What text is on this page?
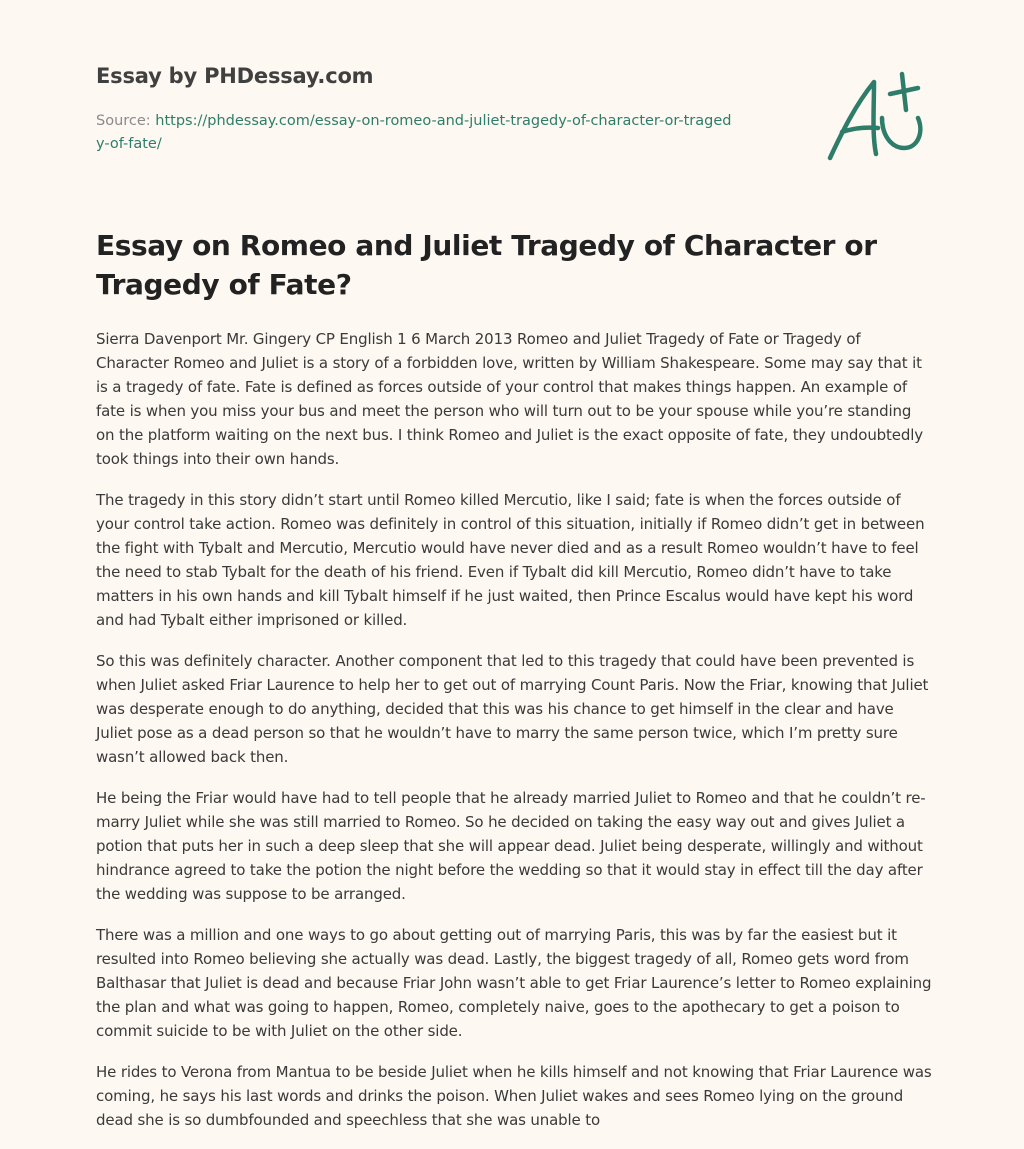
Essay by PHDessay.com
Source: https://phdessay.com/essay-on-romeo-and-juliet-tragedy-of-character-or-tragedy-of-fate/
Essay on Romeo and Juliet Tragedy of Character or Tragedy of Fate?

Sierra Davenport Mr. Gingery CP English 1 6 March 2013 Romeo and Juliet Tragedy of Fate or Tragedy of Character Romeo and Juliet is a story of a forbidden love, written by William Shakespeare. Some may say that it is a tragedy of fate. Fate is defined as forces outside of your control that makes things happen. An example of fate is when you miss your bus and meet the person who will turn out to be your spouse while you’re standing on the platform waiting on the next bus. I think Romeo and Juliet is the exact opposite of fate, they undoubtedly took things into their own hands.

The tragedy in this story didn’t start until Romeo killed Mercutio, like I said; fate is when the forces outside of your control take action. Romeo was definitely in control of this situation, initially if Romeo didn’t get in between the fight with Tybalt and Mercutio, Mercutio would have never died and as a result Romeo wouldn’t have to feel the need to stab Tybalt for the death of his friend. Even if Tybalt did kill Mercutio, Romeo didn’t have to take matters in his own hands and kill Tybalt himself if he just waited, then Prince Escalus would have kept his word and had Tybalt either imprisoned or killed.

So this was definitely character. Another component that led to this tragedy that could have been prevented is when Juliet asked Friar Laurence to help her to get out of marrying Count Paris. Now the Friar, knowing that Juliet was desperate enough to do anything, decided that this was his chance to get himself in the clear and have Juliet pose as a dead person so that he wouldn’t have to marry the same person twice, which I’m pretty sure wasn’t allowed back then.

He being the Friar would have had to tell people that he already married Juliet to Romeo and that he couldn’t re-marry Juliet while she was still married to Romeo. So he decided on taking the easy way out and gives Juliet a potion that puts her in such a deep sleep that she will appear dead. Juliet being desperate, willingly and without hindrance agreed to take the potion the night before the wedding so that it would stay in effect till the day after the wedding was suppose to be arranged.

There was a million and one ways to go about getting out of marrying Paris, this was by far the easiest but it resulted into Romeo believing she actually was dead. Lastly, the biggest tragedy of all, Romeo gets word from Balthasar that Juliet is dead and because Friar John wasn’t able to get Friar Laurence’s letter to Romeo explaining the plan and what was going to happen, Romeo, completely naive, goes to the apothecary to get a poison to commit suicide to be with Juliet on the other side.

He rides to Verona from Mantua to be beside Juliet when he kills himself and not knowing that Friar Laurence was coming, he says his last words and drinks the poison. When Juliet wakes and sees Romeo lying on the ground dead she is so dumbfounded and speechless that she was unable to
